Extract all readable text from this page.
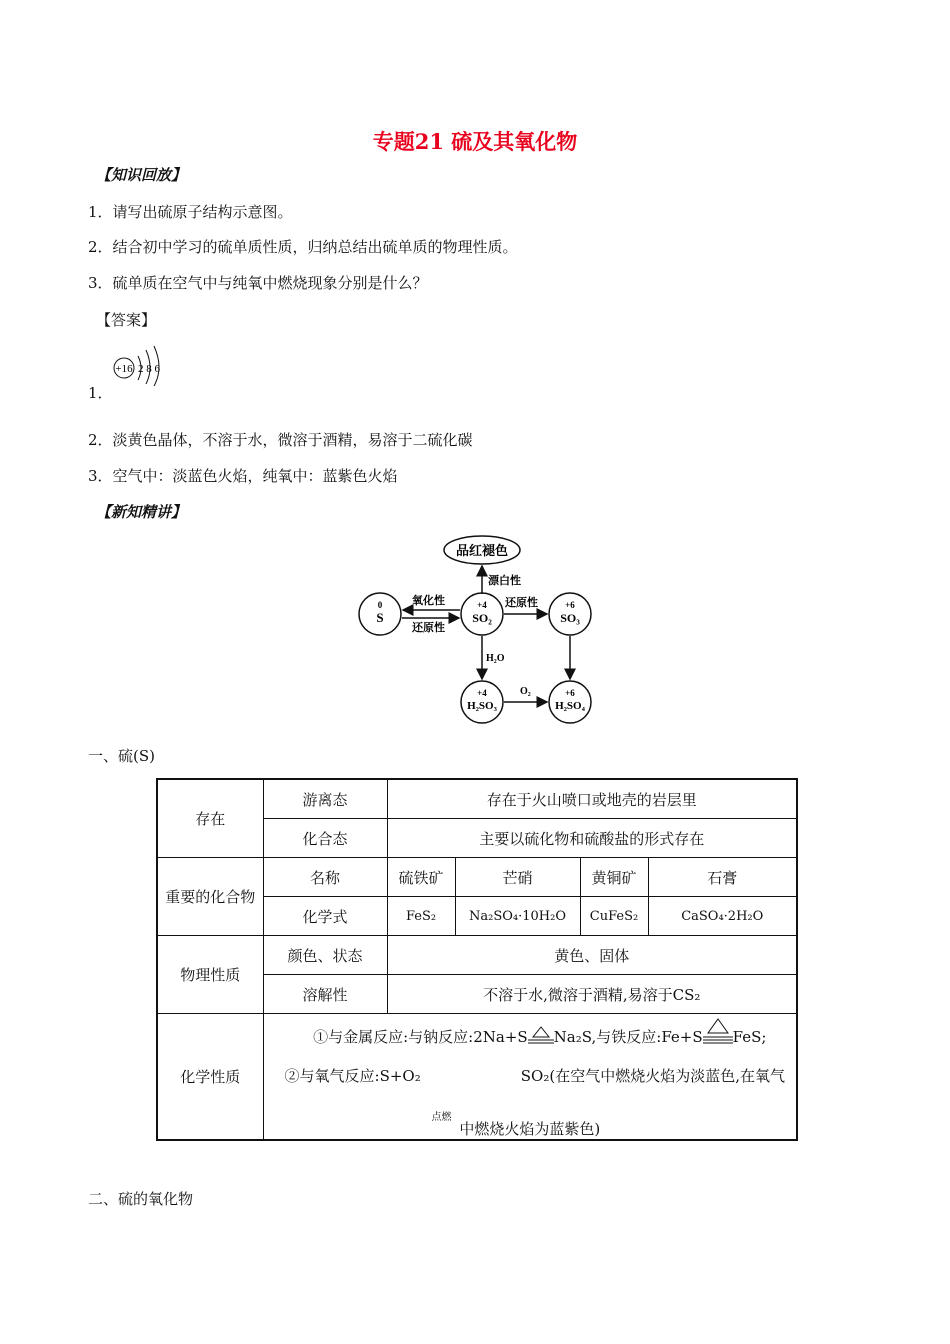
专题21 硫及其氧化物
【知识回放】
1．请写出硫原子结构示意图。
2．结合初中学习的硫单质性质，归纳总结出硫单质的物理性质。
3．硫单质在空气中与纯氧中燃烧现象分别是什么？
【答案】
+16 2 8 6
1．
2．淡黄色晶体，不溶于水，微溶于酒精，易溶于二硫化碳
3．空气中：淡蓝色火焰，纯氧中：蓝紫色火焰
【新知精讲】
品红褪色
漂白性
0
S
+4
SO₂
+6
SO₃
+4
H₂SO₃
+6
H₂SO₄
氧化性
还原性
还原性
H₂O
O₂
一、硫(S)
存在	游离态	存在于火山喷口或地壳的岩层里			
	化合态	主要以硫化物和硫酸盐的形式存在			
重要的化合物	名称	硫铁矿	芒硝	黄铜矿	石膏
	化学式	FeS₂	Na₂SO₄·10H₂O	CuFeS₂	CaSO₄·2H₂O
物理性质	颜色、状态	黄色、固体			
	溶解性	不溶于水,微溶于酒精,易溶于CS₂			
化学性质	①与金属反应:与钠反应:2Na+S Na₂S,与铁反应:Fe+S FeS;
②与氧气反应:S+O₂ SO₂(在空气中燃烧火焰为淡蓝色,在氧气
点燃
中燃烧火焰为蓝紫色)				
二、硫的氧化物
